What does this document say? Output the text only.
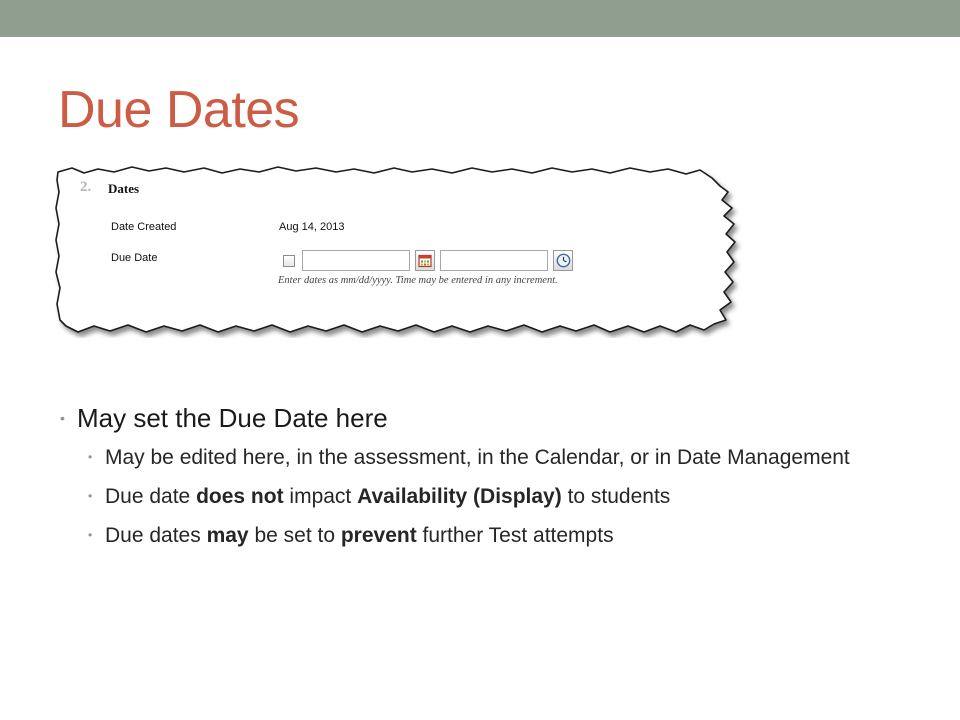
Due Dates
2. Dates
Date Created	Aug 14, 2013
Due Date
Enter dates as mm/dd/yyyy. Time may be entered in any increment.

• May set the Due Date here

• May be edited here, in the assessment, in the Calendar, or in Date Management

• Due date does not impact Availability (Display) to students

• Due dates may be set to prevent further Test attempts
